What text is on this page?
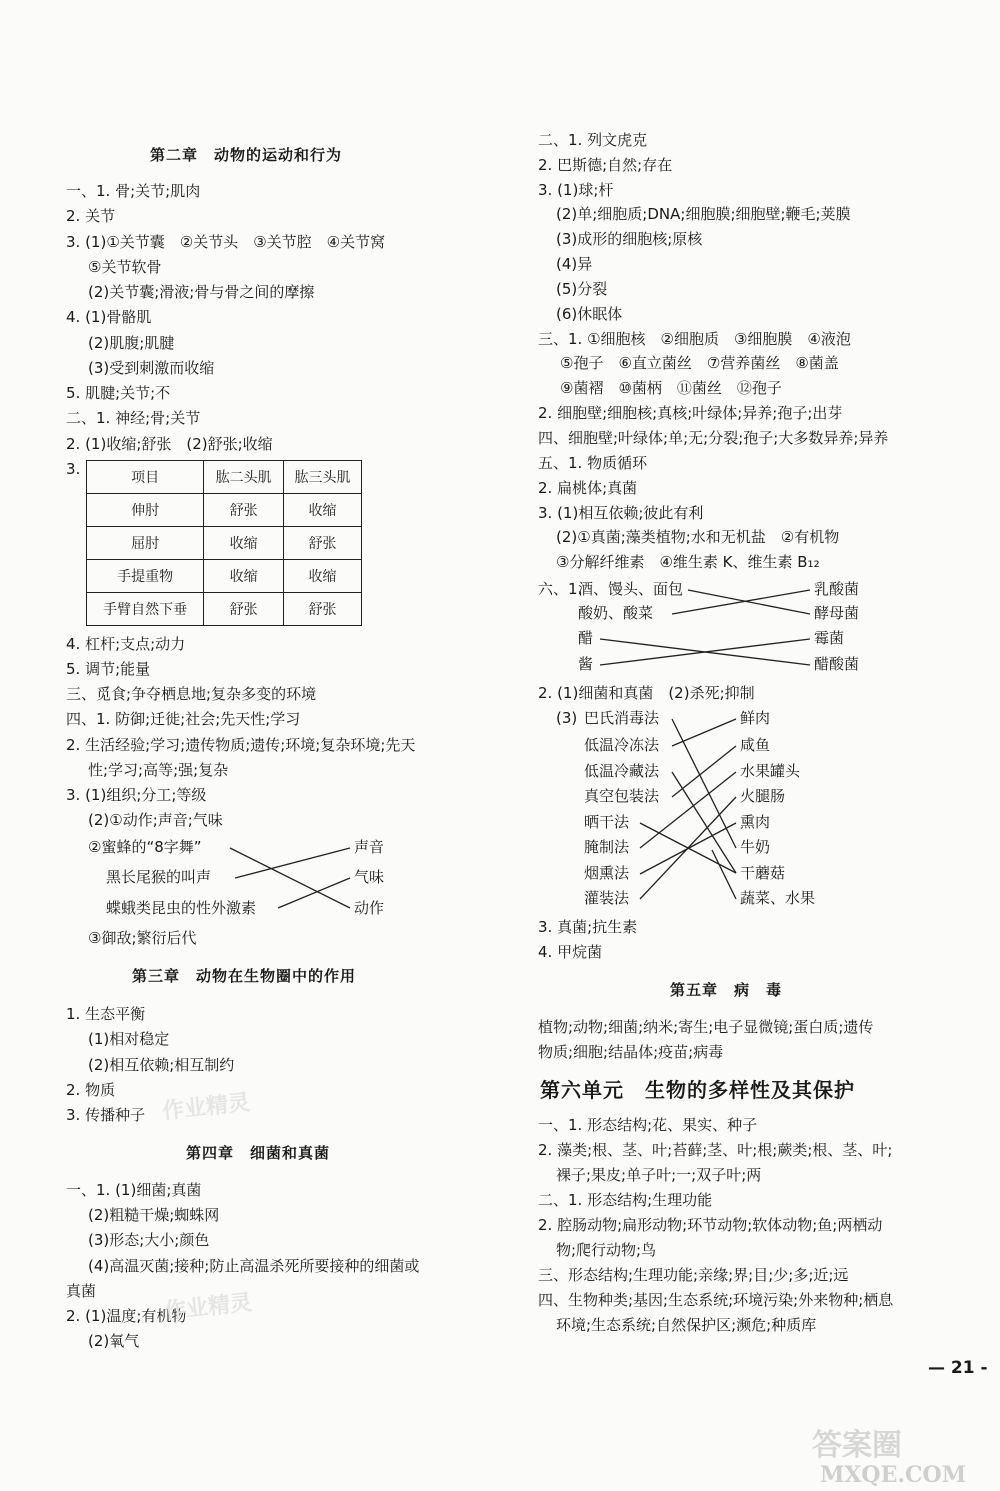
第二章　动物的运动和行为
一、1. 骨;关节;肌肉
2. 关节
3. (1)①关节囊　②关节头　③关节腔　④关节窝
⑤关节软骨
(2)关节囊;滑液;骨与骨之间的摩擦
4. (1)骨骼肌
(2)肌腹;肌腱
(3)受到刺激而收缩
5. 肌腱;关节;不
二、1. 神经;骨;关节
2. (1)收缩;舒张　(2)舒张;收缩
3.	项目	肱二头肌	肱三头肌
伸肘	舒张	收缩
屈肘	收缩	舒张
手提重物	收缩	收缩
手臂自然下垂	舒张	舒张
4. 杠杆;支点;动力
5. 调节;能量
三、觅食;争夺栖息地;复杂多变的环境
四、1. 防御;迁徙;社会;先天性;学习
2. 生活经验;学习;遗传物质;遗传;环境;复杂环境;先天
性;学习;高等;强;复杂
3. (1)组织;分工;等级
(2)①动作;声音;气味
②蜜蜂的“8字舞”
黑长尾猴的叫声
蝶蛾类昆虫的性外激素
声音
气味
动作
③御敌;繁衍后代
第三章　动物在生物圈中的作用
1. 生态平衡
(1)相对稳定
(2)相互依赖;相互制约
2. 物质
3. 传播种子
第四章　细菌和真菌
一、1. (1)细菌;真菌
(2)粗糙干燥;蜘蛛网
(3)形态;大小;颜色
(4)高温灭菌;接种;防止高温杀死所要接种的细菌或
真菌
2. (1)温度;有机物
(2)氧气
二、1. 列文虎克
2. 巴斯德;自然;存在
3. (1)球;杆
(2)单;细胞质;DNA;细胞膜;细胞壁;鞭毛;荚膜
(3)成形的细胞核;原核
(4)异
(5)分裂
(6)休眠体
三、1. ①细胞核　②细胞质　③细胞膜　④液泡
⑤孢子　⑥直立菌丝　⑦营养菌丝　⑧菌盖
⑨菌褶　⑩菌柄　⑪菌丝　⑫孢子
2. 细胞壁;细胞核;真核;叶绿体;异养;孢子;出芽
四、细胞壁;叶绿体;单;无;分裂;孢子;大多数异养;异养
五、1. 物质循环
2. 扁桃体;真菌
3. (1)相互依赖;彼此有利
(2)①真菌;藻类植物;水和无机盐　②有机物
③分解纤维素　④维生素 K、维生素 B₁₂
六、1.
酒、馒头、面包
酸奶、酸菜
醋
酱
乳酸菌
酵母菌
霉菌
醋酸菌
2. (1)细菌和真菌　(2)杀死;抑制
(3) 巴氏消毒法
低温冷冻法
低温冷藏法
真空包装法
晒干法
腌制法
烟熏法
灌装法
鲜肉
咸鱼
水果罐头
火腿肠
熏肉
牛奶
干蘑菇
蔬菜、水果
3. 真菌;抗生素
4. 甲烷菌
第五章　病　毒
植物;动物;细菌;纳米;寄生;电子显微镜;蛋白质;遗传
物质;细胞;结晶体;疫苗;病毒
第六单元　生物的多样性及其保护
一、1. 形态结构;花、果实、种子
2. 藻类;根、茎、叶;苔藓;茎、叶;根;蕨类;根、茎、叶;
裸子;果皮;单子叶;一;双子叶;两
二、1. 形态结构;生理功能
2. 腔肠动物;扁形动物;环节动物;软体动物;鱼;两栖动
物;爬行动物;鸟
三、形态结构;生理功能;亲缘;界;目;少;多;近;远
四、生物种类;基因;生态系统;环境污染;外来物种;栖息
环境;生态系统;自然保护区;濒危;种质库
— 21 -
作业精灵
作业精灵
MXQE.COM
答案圈
